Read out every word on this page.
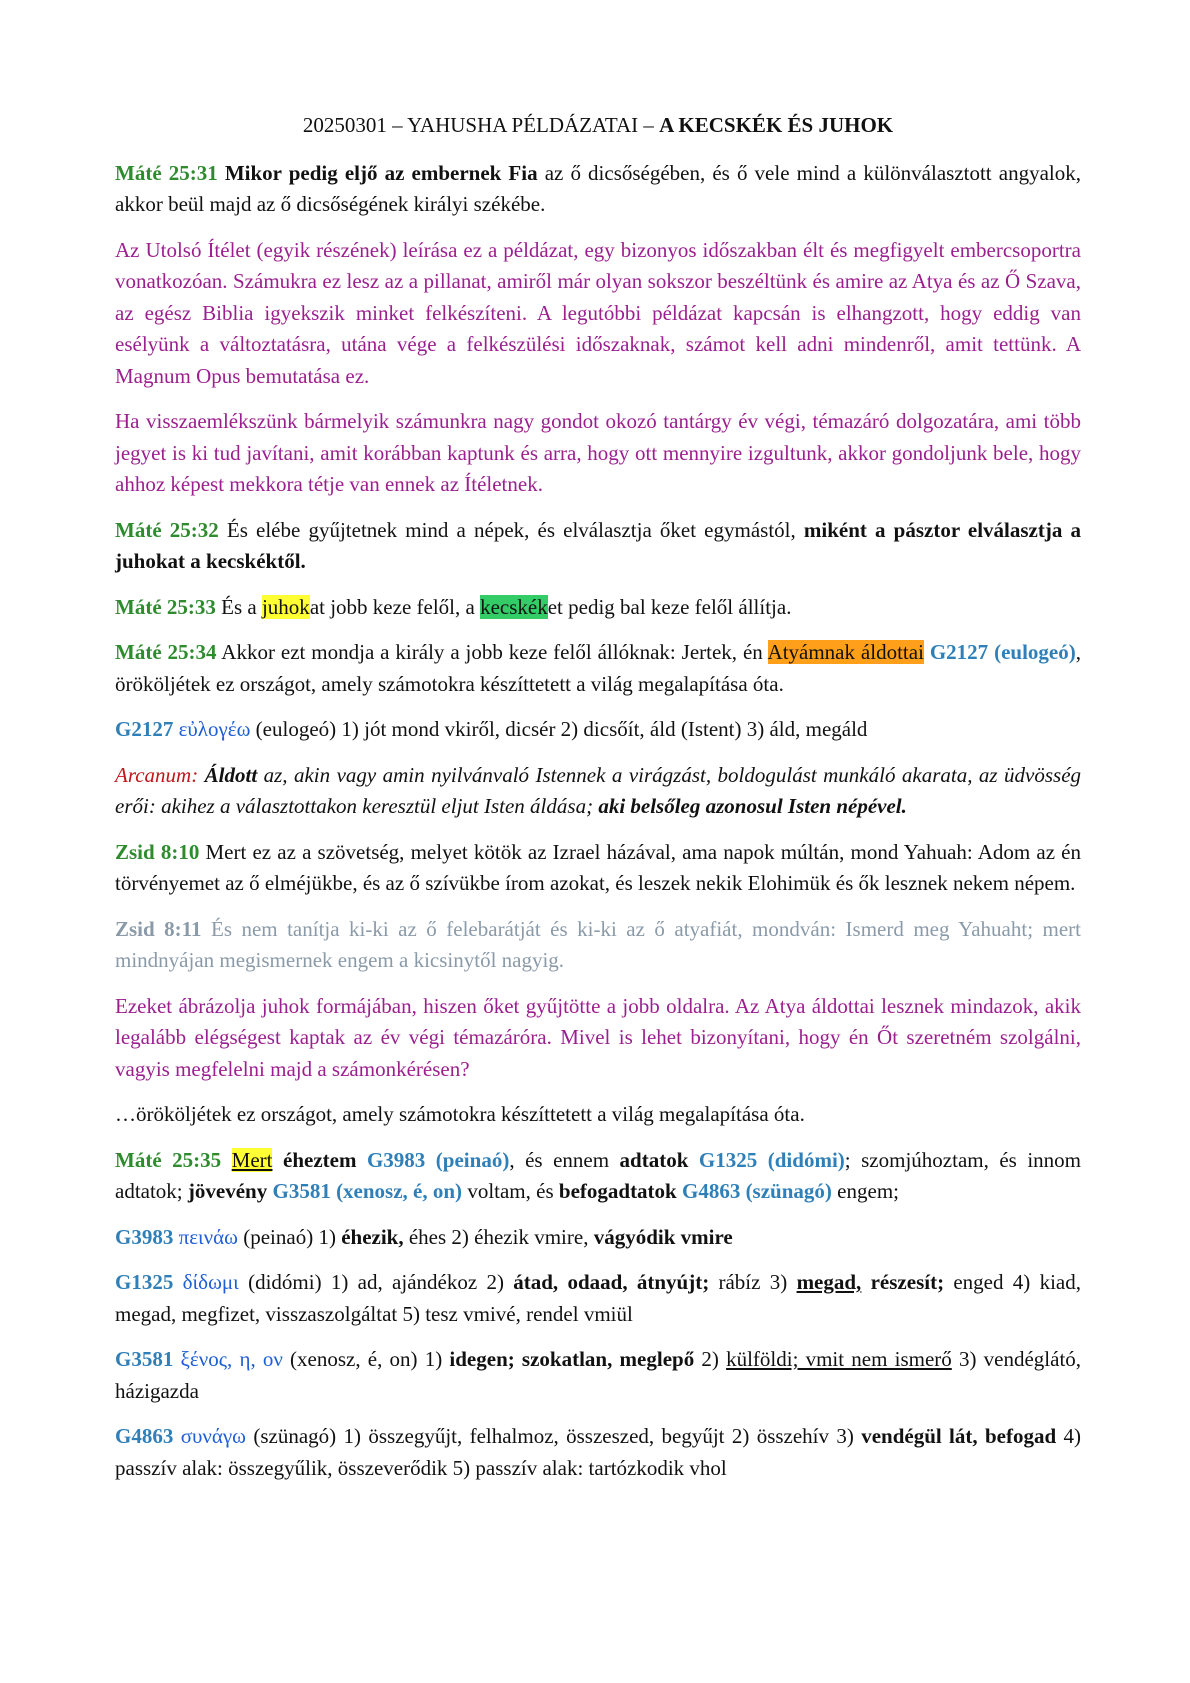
20250301 – YAHUSHA PÉLDÁZATAI – A KECSKÉK ÉS JUHOK

Máté 25:31 Mikor pedig eljő az embernek Fia az ő dicsőségében, és ő vele mind a különválasztott angyalok, akkor beül majd az ő dicsőségének királyi székébe.

Az Utolsó Ítélet (egyik részének) leírása ez a példázat, egy bizonyos időszakban élt és megfigyelt embercsoportra vonatkozóan. Számukra ez lesz az a pillanat, amiről már olyan sokszor beszéltünk és amire az Atya és az Ő Szava, az egész Biblia igyekszik minket felkészíteni. A legutóbbi példázat kapcsán is elhangzott, hogy eddig van esélyünk a változtatásra, utána vége a felkészülési időszaknak, számot kell adni mindenről, amit tettünk. A Magnum Opus bemutatása ez.

Ha visszaemlékszünk bármelyik számunkra nagy gondot okozó tantárgy év végi, témazáró dolgozatára, ami több jegyet is ki tud javítani, amit korábban kaptunk és arra, hogy ott mennyire izgultunk, akkor gondoljunk bele, hogy ahhoz képest mekkora tétje van ennek az Ítéletnek.

Máté 25:32 És elébe gyűjtetnek mind a népek, és elválasztja őket egymástól, miként a pásztor elválasztja a juhokat a kecskéktől.

Máté 25:33 És a juhokat jobb keze felől, a kecskéket pedig bal keze felől állítja.

Máté 25:34 Akkor ezt mondja a király a jobb keze felől állóknak: Jertek, én Atyámnak áldottai G2127 (eulogeó), örököljétek ez országot, amely számotokra készíttetett a világ megalapítása óta.

G2127 εὐλογέω (eulogeó) 1) jót mond vkiről, dicsér 2) dicsőít, áld (Istent) 3) áld, megáld

Arcanum: Áldott az, akin vagy amin nyilvánvaló Istennek a virágzást, boldogulást munkáló akarata, az üdvösség erői: akihez a választottakon keresztül eljut Isten áldása; aki belsőleg azonosul Isten népével.

Zsid 8:10 Mert ez az a szövetség, melyet kötök az Izrael házával, ama napok múltán, mond Yahuah: Adom az én törvényemet az ő elméjükbe, és az ő szívükbe írom azokat, és leszek nekik Elohimük és ők lesznek nekem népem.

Zsid 8:11 És nem tanítja ki-ki az ő felebarátját és ki-ki az ő atyafiát, mondván: Ismerd meg Yahuaht; mert mindnyájan megismernek engem a kicsinytől nagyig.

Ezeket ábrázolja juhok formájában, hiszen őket gyűjtötte a jobb oldalra. Az Atya áldottai lesznek mindazok, akik legalább elégségest kaptak az év végi témazáróra. Mivel is lehet bizonyítani, hogy én Őt szeretném szolgálni, vagyis megfelelni majd a számonkérésen?

…örököljétek ez országot, amely számotokra készíttetett a világ megalapítása óta.

Máté 25:35 Mert éheztem G3983 (peinaó), és ennem adtatok G1325 (didómi); szomjúhoztam, és innom adtatok; jövevény G3581 (xenosz, é, on) voltam, és befogadtatok G4863 (szünagó) engem;

G3983 πεινάω (peinaó) 1) éhezik, éhes 2) éhezik vmire, vágyódik vmire

G1325 δίδωμι (didómi) 1) ad, ajándékoz 2) átad, odaad, átnyújt; rábíz 3) megad, részesít; enged 4) kiad, megad, megfizet, visszaszolgáltat 5) tesz vmivé, rendel vmiül

G3581 ξένος, η, ον (xenosz, é, on) 1) idegen; szokatlan, meglepő 2) külföldi; vmit nem ismerő 3) vendéglátó, házigazda

G4863 συνάγω (szünagó) 1) összegyűjt, felhalmoz, összeszed, begyűjt 2) összehív 3) vendégül lát, befogad 4) passzív alak: összegyűlik, összeverődik 5) passzív alak: tartózkodik vhol
